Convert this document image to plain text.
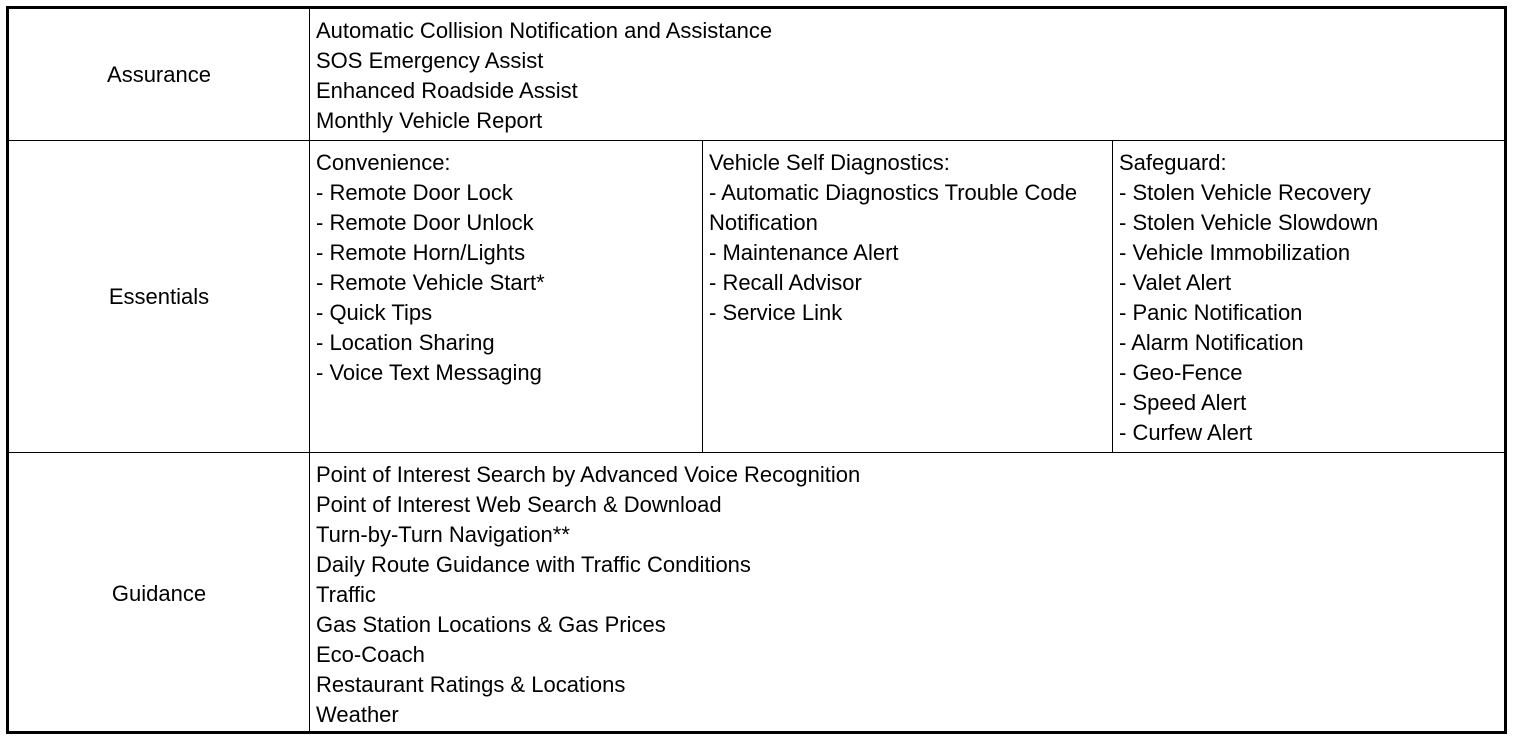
Assurance
Automatic Collision Notification and Assistance
SOS Emergency Assist
Enhanced Roadside Assist
Monthly Vehicle Report
Essentials
Convenience:
- Remote Door Lock
- Remote Door Unlock
- Remote Horn/Lights
- Remote Vehicle Start*
- Quick Tips
- Location Sharing
- Voice Text Messaging
Vehicle Self Diagnostics:
- Automatic Diagnostics Trouble Code Notification
- Maintenance Alert
- Recall Advisor
- Service Link
Safeguard:
- Stolen Vehicle Recovery
- Stolen Vehicle Slowdown
- Vehicle Immobilization
- Valet Alert
- Panic Notification
- Alarm Notification
- Geo-Fence
- Speed Alert
- Curfew Alert
Guidance
Point of Interest Search by Advanced Voice Recognition
Point of Interest Web Search & Download
Turn-by-Turn Navigation**
Daily Route Guidance with Traffic Conditions
Traffic
Gas Station Locations & Gas Prices
Eco-Coach
Restaurant Ratings & Locations
Weather
